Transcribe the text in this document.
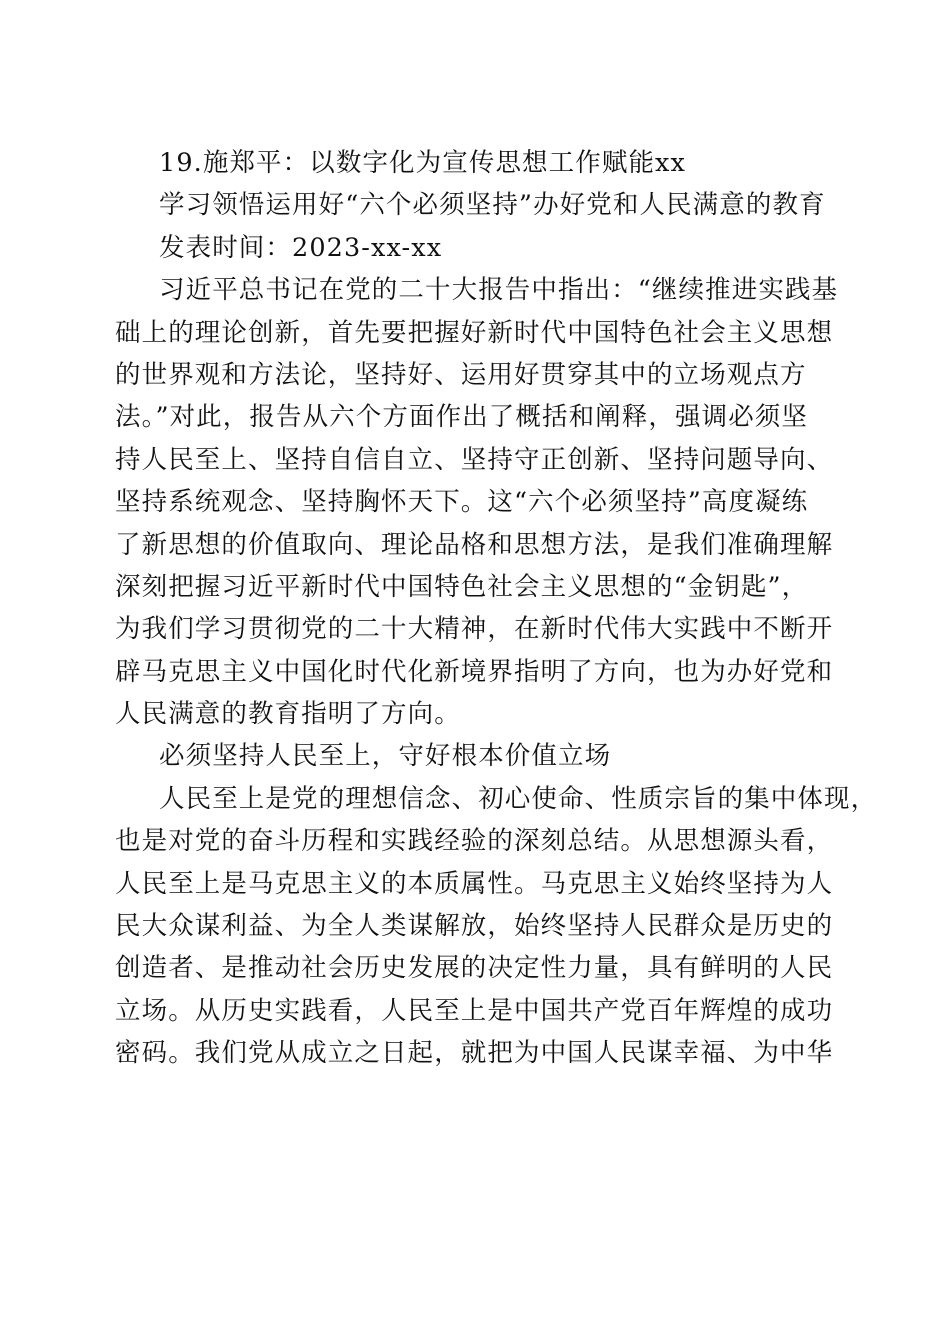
19.施郑平：以数字化为宣传思想工作赋能xx
学习领悟运用好“六个必须坚持”办好党和人民满意的教育
发表时间：2023-xx-xx
习近平总书记在党的二十大报告中指出：“继续推进实践基
础上的理论创新，首先要把握好新时代中国特色社会主义思想
的世界观和方法论，坚持好、运用好贯穿其中的立场观点方
法。”对此，报告从六个方面作出了概括和阐释，强调必须坚
持人民至上、坚持自信自立、坚持守正创新、坚持问题导向、
坚持系统观念、坚持胸怀天下。这“六个必须坚持”高度凝练
了新思想的价值取向、理论品格和思想方法，是我们准确理解
深刻把握习近平新时代中国特色社会主义思想的“金钥匙”，
为我们学习贯彻党的二十大精神，在新时代伟大实践中不断开
辟马克思主义中国化时代化新境界指明了方向，也为办好党和
人民满意的教育指明了方向。
必须坚持人民至上，守好根本价值立场
人民至上是党的理想信念、初心使命、性质宗旨的集中体现，
也是对党的奋斗历程和实践经验的深刻总结。从思想源头看，
人民至上是马克思主义的本质属性。马克思主义始终坚持为人
民大众谋利益、为全人类谋解放，始终坚持人民群众是历史的
创造者、是推动社会历史发展的决定性力量，具有鲜明的人民
立场。从历史实践看，人民至上是中国共产党百年辉煌的成功
密码。我们党从成立之日起，就把为中国人民谋幸福、为中华
